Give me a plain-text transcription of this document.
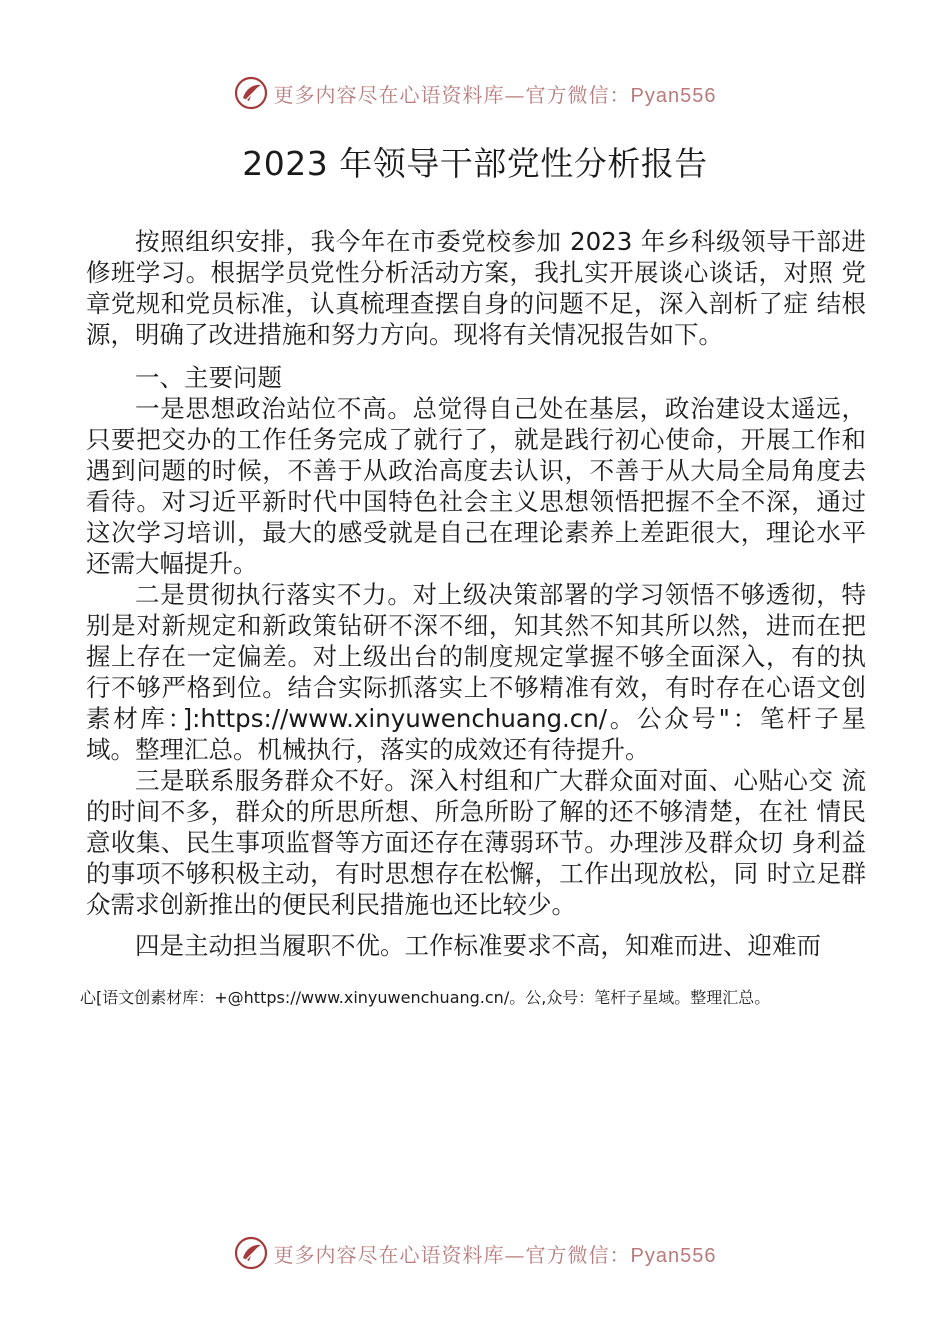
更多内容尽在心语资料库—官方微信：Pyan556
2023 年领导干部党性分析报告

按照组织安排，我今年在市委党校参加 2023 年乡科级领导干部进修班学习。根据学员党性分析活动方案，我扎实开展谈心谈话，对照 党章党规和党员标准，认真梳理查摆自身的问题不足，深入剖析了症 结根源，明确了改进措施和努力方向。现将有关情况报告如下。

一、主要问题

一是思想政治站位不高。总觉得自己处在基层，政治建设太遥远，只要把交办的工作任务完成了就行了，就是践行初心使命，开展工作和遇到问题的时候，不善于从政治高度去认识，不善于从大局全局角度去看待。对习近平新时代中国特色社会主义思想领悟把握不全不深，通过这次学习培训，最大的感受就是自己在理论素养上差距很大，理论水平还需大幅提升。

二是贯彻执行落实不力。对上级决策部署的学习领悟不够透彻，特别是对新规定和新政策钻研不深不细，知其然不知其所以然，进而在把握上存在一定偏差。对上级出台的制度规定掌握不够全面深入，有的执行不够严格到位。结合实际抓落实上不够精准有效，有时存在心语文创素材库：]:https://www.xinyuwenchuang.cn/。公众号"：笔杆子星域。整理汇总。机械执行，落实的成效还有待提升。

三是联系服务群众不好。深入村组和广大群众面对面、心贴心交 流的时间不多，群众的所思所想、所急所盼了解的还不够清楚，在社 情民意收集、民生事项监督等方面还存在薄弱环节。办理涉及群众切 身利益的事项不够积极主动，有时思想存在松懈，工作出现放松，同 时立足群众需求创新推出的便民利民措施也还比较少。

四是主动担当履职不优。工作标准要求不高，知难而进、迎难而

心[语文创素材库：+@https://www.xinyuwenchuang.cn/。公,众号：笔杆子星域。整理汇总。
更多内容尽在心语资料库—官方微信：Pyan556
